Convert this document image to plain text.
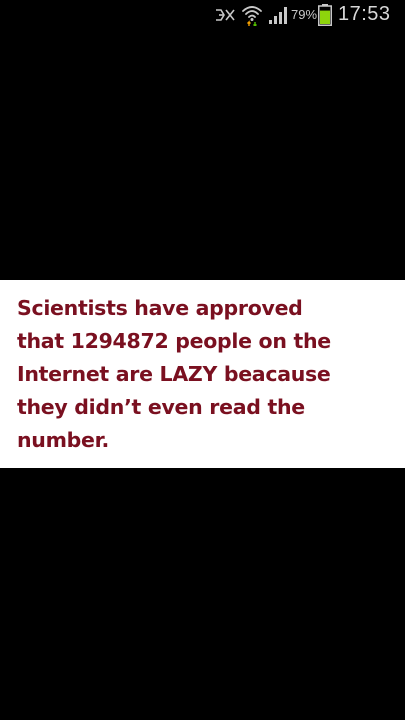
79% 17:53

Scientists have approved
that 1294872 people on the
Internet are LAZY beacause
they didn’t even read the
number.
